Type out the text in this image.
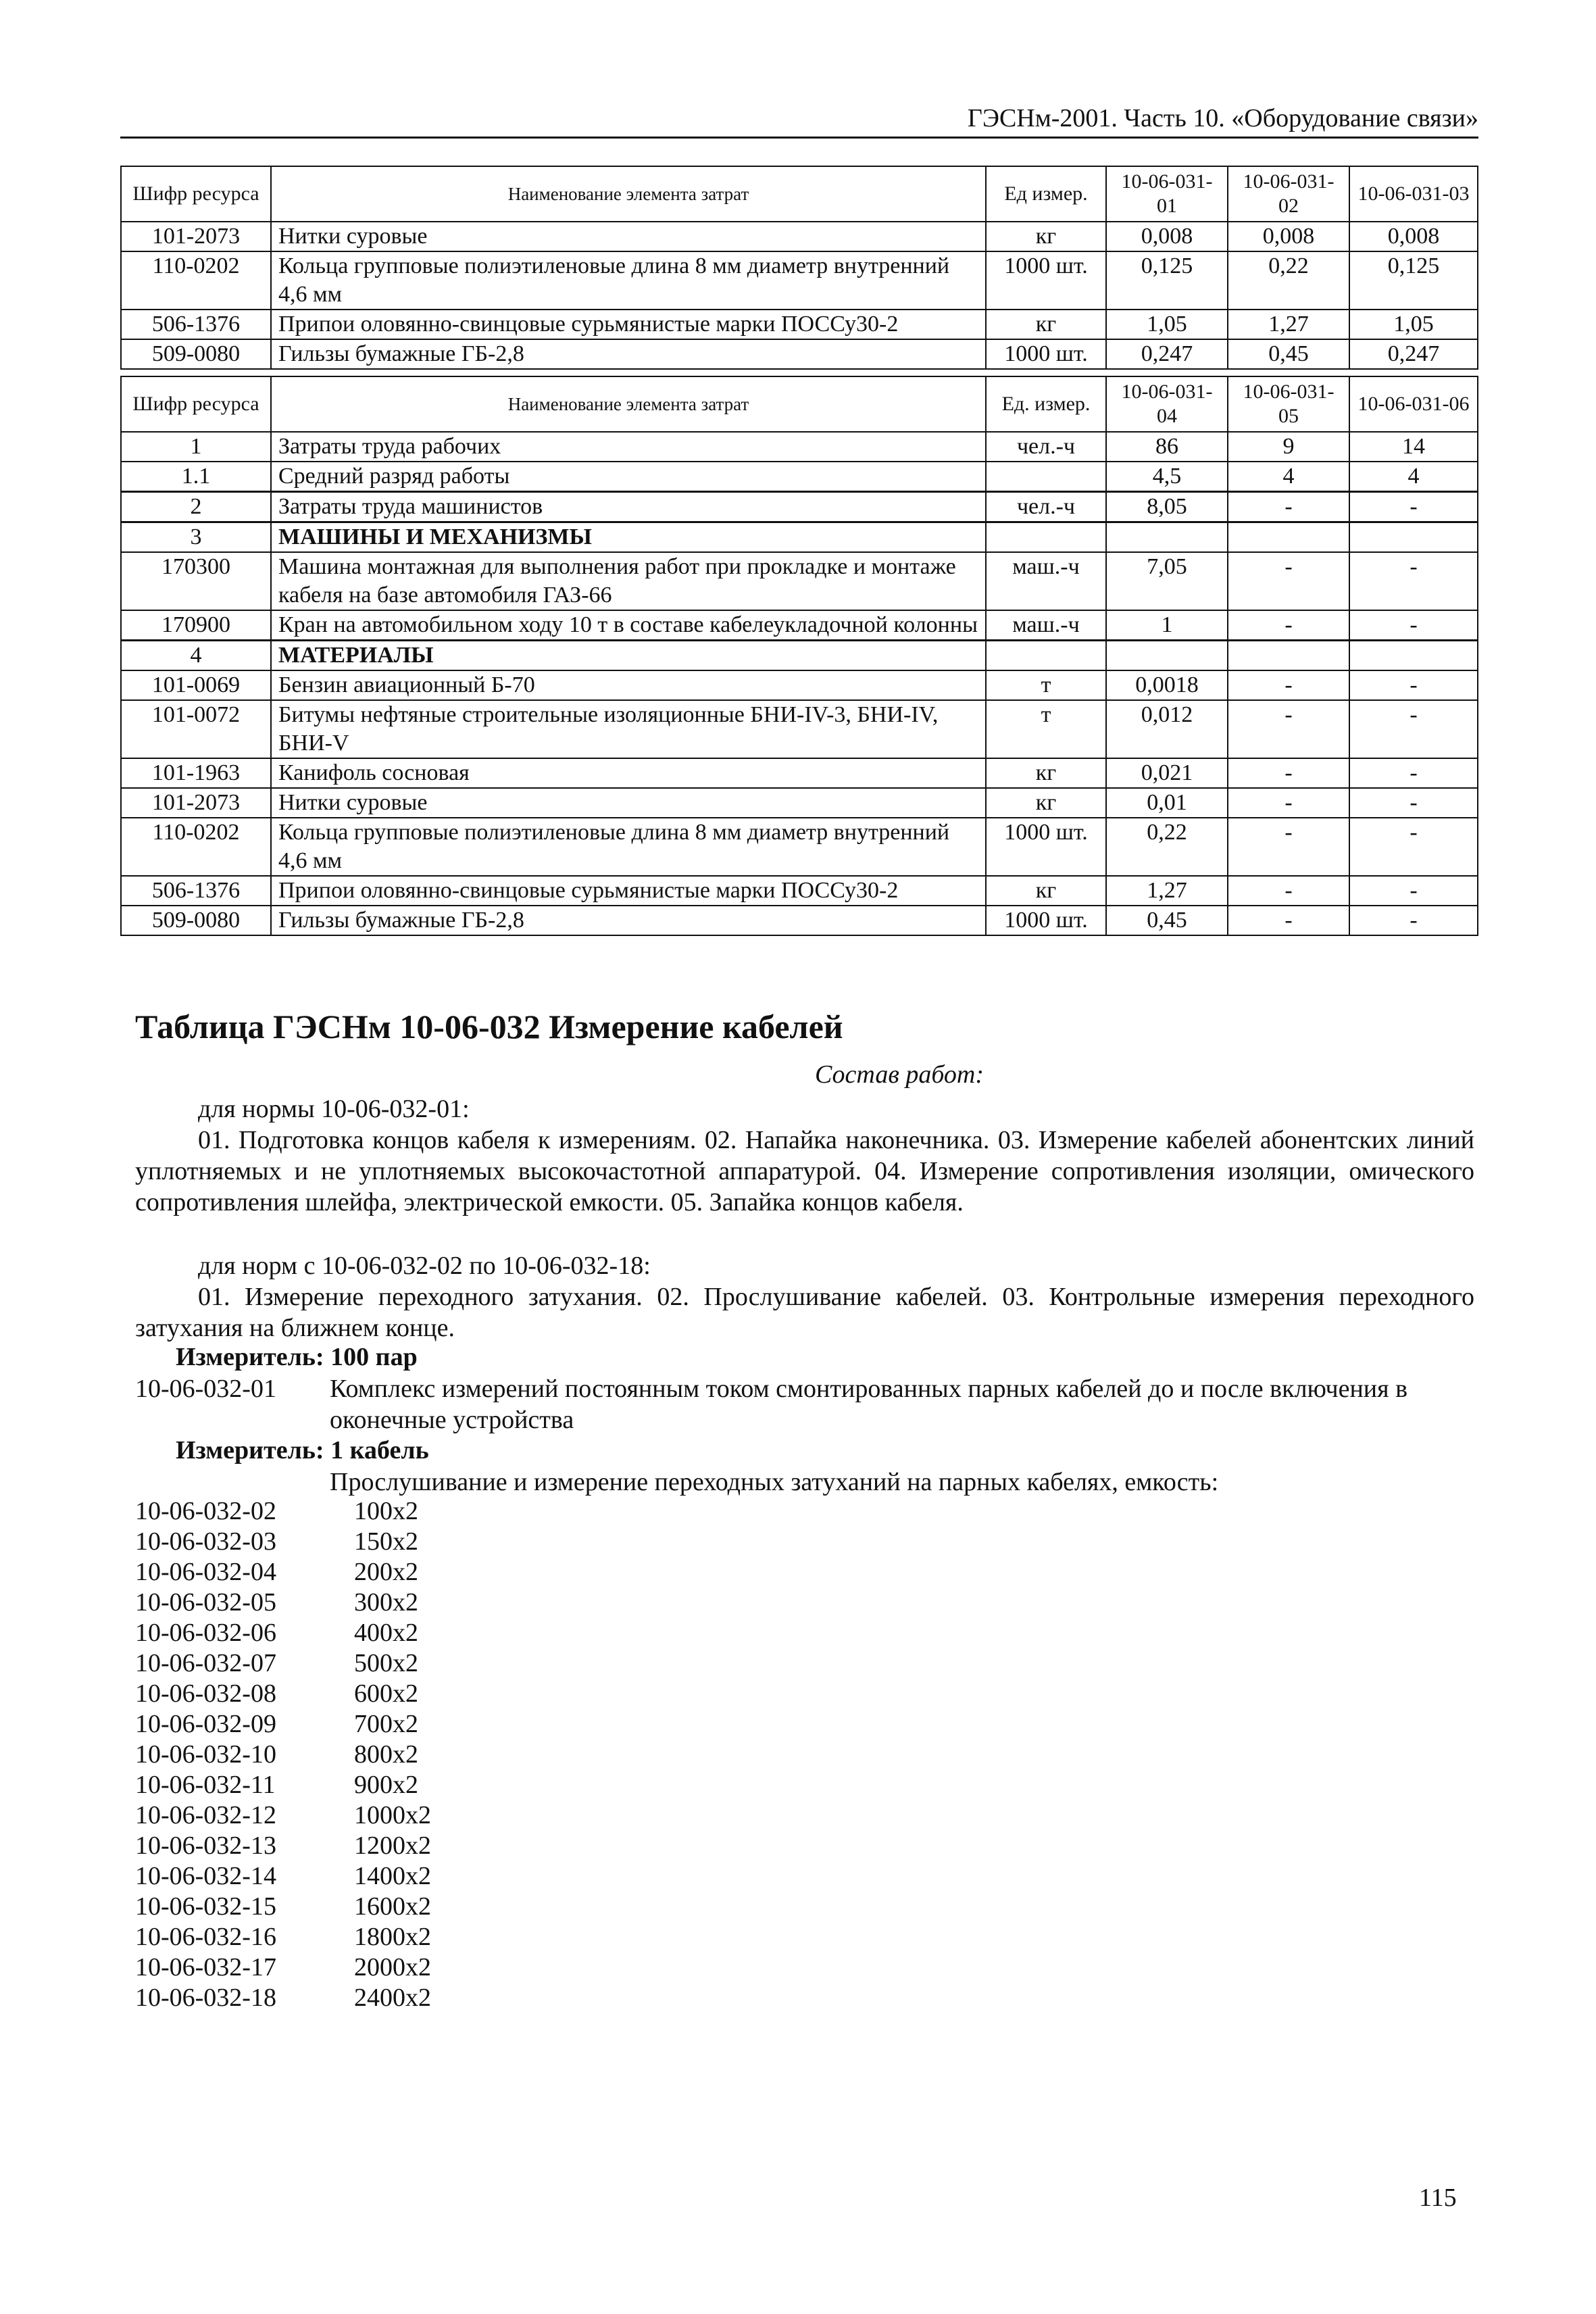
ГЭСНм-2001. Часть 10. «Оборудование связи»
Шифр ресурса	Наименование элемента затрат	Ед измер.	10-06-031-01	10-06-031-02	10-06-031-03
101-2073	Нитки суровые	кг	0,008	0,008	0,008
110-0202	Кольца групповые полиэтиленовые длина 8 мм диаметр внутренний 4,6 мм	1000 шт.	0,125	0,22	0,125
506-1376	Припои оловянно-свинцовые сурьмянистые марки ПОССу30-2	кг	1,05	1,27	1,05
509-0080	Гильзы бумажные ГБ-2,8	1000 шт.	0,247	0,45	0,247
Шифр ресурса	Наименование элемента затрат	Ед. измер.	10-06-031-04	10-06-031-05	10-06-031-06
1	Затраты труда рабочих	чел.-ч	86	9	14
1.1	Средний разряд работы		4,5	4	4
2	Затраты труда машинистов	чел.-ч	8,05	-	-
3	МАШИНЫ И МЕХАНИЗМЫ				
170300	Машина монтажная для выполнения работ при прокладке и монтаже кабеля на базе автомобиля ГАЗ-66	маш.-ч	7,05	-	-
170900	Кран на автомобильном ходу 10 т в составе кабелеукладочной колонны	маш.-ч	1	-	-
4	МАТЕРИАЛЫ				
101-0069	Бензин авиационный Б-70	т	0,0018	-	-
101-0072	Битумы нефтяные строительные изоляционные БНИ-IV-3, БНИ-IV, БНИ-V	т	0,012	-	-
101-1963	Канифоль сосновая	кг	0,021	-	-
101-2073	Нитки суровые	кг	0,01	-	-
110-0202	Кольца групповые полиэтиленовые длина 8 мм диаметр внутренний 4,6 мм	1000 шт.	0,22	-	-
506-1376	Припои оловянно-свинцовые сурьмянистые марки ПОССу30-2	кг	1,27	-	-
509-0080	Гильзы бумажные ГБ-2,8	1000 шт.	0,45	-	-
Таблица ГЭСНм 10-06-032 Измерение кабелей
Состав работ:
для нормы 10-06-032-01:
01. Подготовка концов кабеля к измерениям. 02. Напайка наконечника. 03. Измерение кабелей абонентских линий уплотняемых и не уплотняемых высокочастотной аппаратурой. 04. Измерение сопротивления изоляции, омического сопротивления шлейфа, электрической емкости. 05. Запайка концов кабеля.
для норм с 10-06-032-02 по 10-06-032-18:
01. Измерение переходного затухания. 02. Прослушивание кабелей. 03. Контрольные измерения переходного затухания на ближнем конце.
Измеритель: 100 пар
10-06-032-01 Комплекс измерений постоянным током смонтированных парных кабелей до и после включения в оконечные устройства
Измеритель: 1 кабель
Прослушивание и измерение переходных затуханий на парных кабелях, емкость:
10-06-032-02	100x2
10-06-032-03	150x2
10-06-032-04	200x2
10-06-032-05	300x2
10-06-032-06	400x2
10-06-032-07	500x2
10-06-032-08	600x2
10-06-032-09	700x2
10-06-032-10	800x2
10-06-032-11	900x2
10-06-032-12	1000x2
10-06-032-13	1200x2
10-06-032-14	1400x2
10-06-032-15	1600x2
10-06-032-16	1800x2
10-06-032-17	2000x2
10-06-032-18	2400x2
115
